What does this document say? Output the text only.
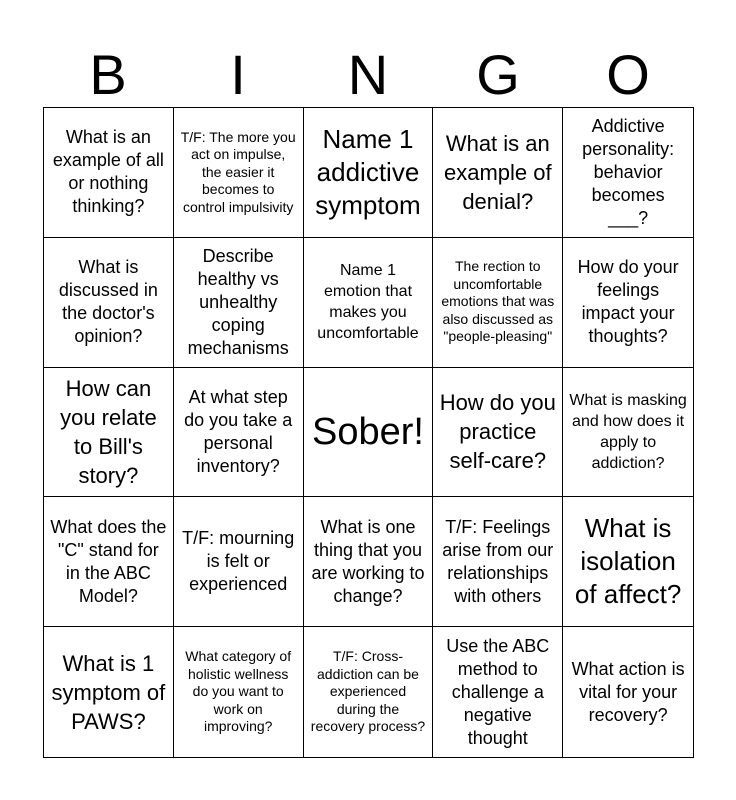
B	I	N	G	O
What is an example of all or nothing thinking?
T/F: The more you act on impulse, the easier it becomes to control impulsivity
Name 1 addictive symptom
What is an example of denial?
Addictive personality: behavior becomes ___?
What is discussed in the doctor's opinion?
Describe healthy vs unhealthy coping mechanisms
Name 1 emotion that makes you uncomfortable
The rection to uncomfortable emotions that was also discussed as "people-pleasing"
How do your feelings impact your thoughts?
How can you relate to Bill's story?
At what step do you take a personal inventory?
Sober!
How do you practice self-care?
What is masking and how does it apply to addiction?
What does the "C" stand for in the ABC Model?
T/F: mourning is felt or experienced
What is one thing that you are working to change?
T/F: Feelings arise from our relationships with others
What is isolation of affect?
What is 1 symptom of PAWS?
What category of holistic wellness do you want to work on improving?
T/F: Cross-addiction can be experienced during the recovery process?
Use the ABC method to challenge a negative thought
What action is vital for your recovery?
